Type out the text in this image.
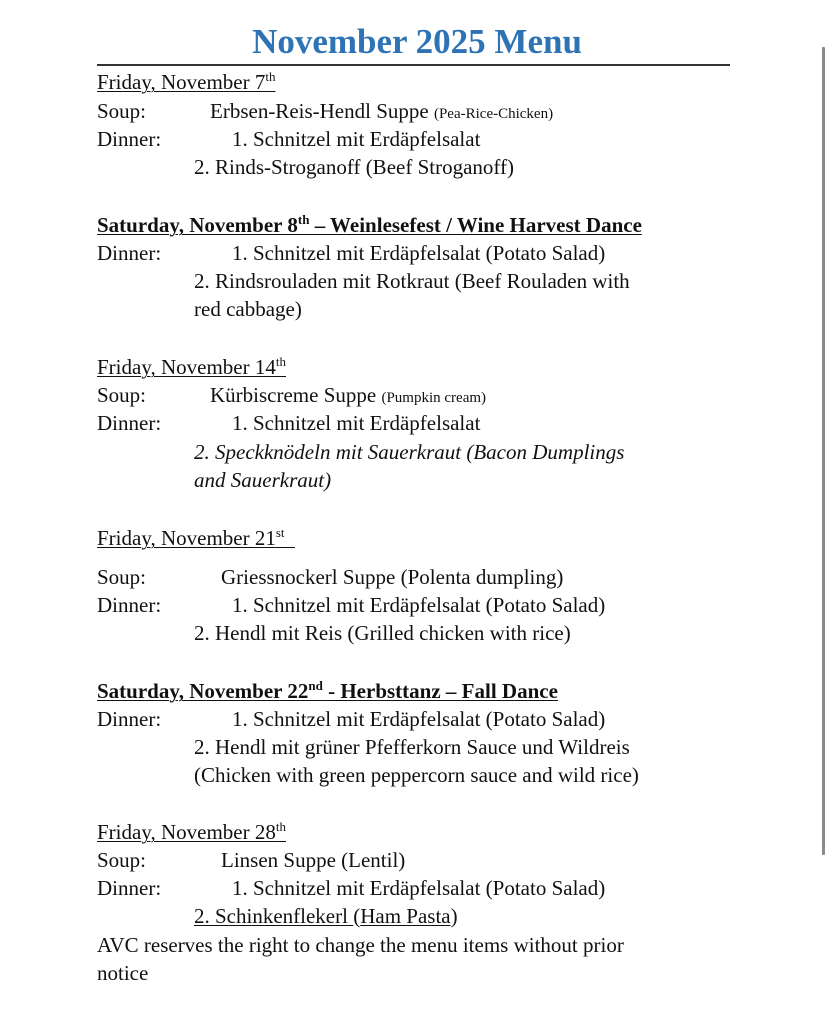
November 2025 Menu
Friday, November 7th
Soup:	Erbsen-Reis-Hendl Suppe (Pea-Rice-Chicken)
Dinner:	1. Schnitzel mit Erdäpfelsalat
2. Rinds-Stroganoff (Beef Stroganoff)
Saturday, November 8th – Weinlesefest / Wine Harvest Dance
Dinner:	1. Schnitzel mit Erdäpfelsalat (Potato Salad)
2. Rindsrouladen mit Rotkraut (Beef Rouladen with
red cabbage)
Friday, November 14th
Soup:	Kürbiscreme Suppe (Pumpkin cream)
Dinner:	1. Schnitzel mit Erdäpfelsalat
2. Speckknödeln mit Sauerkraut (Bacon Dumplings
and Sauerkraut)
Friday, November 21st
Soup:	Griessnockerl Suppe (Polenta dumpling)
Dinner:	1. Schnitzel mit Erdäpfelsalat (Potato Salad)
2. Hendl mit Reis (Grilled chicken with rice)
Saturday, November 22nd - Herbsttanz – Fall Dance
Dinner:	1. Schnitzel mit Erdäpfelsalat (Potato Salad)
2. Hendl mit grüner Pfefferkorn Sauce und Wildreis
(Chicken with green peppercorn sauce and wild rice)
Friday, November 28th
Soup:	Linsen Suppe (Lentil)
Dinner:	1. Schnitzel mit Erdäpfelsalat (Potato Salad)
2. Schinkenflekerl (Ham Pasta)
AVC reserves the right to change the menu items without prior
notice
